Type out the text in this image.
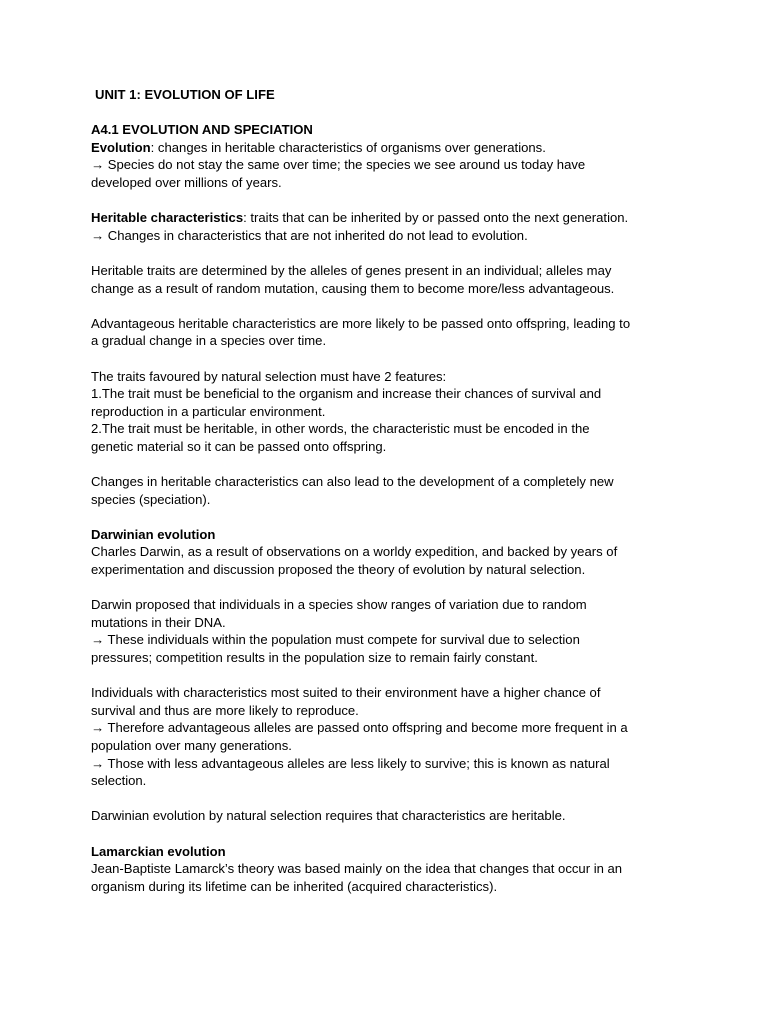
UNIT 1: EVOLUTION OF LIFE
A4.1 EVOLUTION AND SPECIATION
Evolution: changes in heritable characteristics of organisms over generations.
→ Species do not stay the same over time; the species we see around us today have
developed over millions of years.
Heritable characteristics: traits that can be inherited by or passed onto the next generation.
→ Changes in characteristics that are not inherited do not lead to evolution.
Heritable traits are determined by the alleles of genes present in an individual; alleles may
change as a result of random mutation, causing them to become more/less advantageous.
Advantageous heritable characteristics are more likely to be passed onto offspring, leading to
a gradual change in a species over time.
The traits favoured by natural selection must have 2 features:
1.The trait must be beneficial to the organism and increase their chances of survival and
reproduction in a particular environment.
2.The trait must be heritable, in other words, the characteristic must be encoded in the
genetic material so it can be passed onto offspring.
Changes in heritable characteristics can also lead to the development of a completely new
species (speciation).
Darwinian evolution
Charles Darwin, as a result of observations on a worldy expedition, and backed by years of
experimentation and discussion proposed the theory of evolution by natural selection.
Darwin proposed that individuals in a species show ranges of variation due to random
mutations in their DNA.
→ These individuals within the population must compete for survival due to selection
pressures; competition results in the population size to remain fairly constant.
Individuals with characteristics most suited to their environment have a higher chance of
survival and thus are more likely to reproduce.
→ Therefore advantageous alleles are passed onto offspring and become more frequent in a
population over many generations.
→ Those with less advantageous alleles are less likely to survive; this is known as natural
selection.
Darwinian evolution by natural selection requires that characteristics are heritable.
Lamarckian evolution
Jean-Baptiste Lamarck’s theory was based mainly on the idea that changes that occur in an
organism during its lifetime can be inherited (acquired characteristics).
